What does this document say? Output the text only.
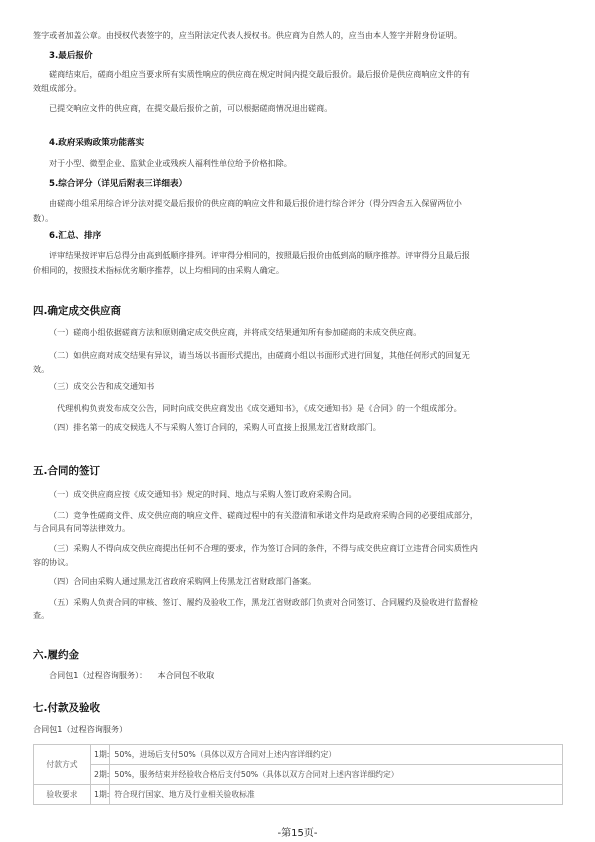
签字或者加盖公章。由授权代表签字的，应当附法定代表人授权书。供应商为自然人的，应当由本人签字并附身份证明。

3.最后报价

磋商结束后，磋商小组应当要求所有实质性响应的供应商在规定时间内提交最后报价。最后报价是供应商响应文件的有

效组成部分。

已提交响应文件的供应商，在提交最后报价之前，可以根据磋商情况退出磋商。

4.政府采购政策功能落实

对于小型、微型企业、监狱企业或残疾人福利性单位给予价格扣除。

5.综合评分（详见后附表三详细表）

由磋商小组采用综合评分法对提交最后报价的供应商的响应文件和最后报价进行综合评分（得分四舍五入保留两位小

数）。

6.汇总、排序

评审结果按评审后总得分由高到低顺序排列。评审得分相同的，按照最后报价由低到高的顺序推荐。评审得分且最后报

价相同的，按照技术指标优劣顺序推荐，以上均相同的由采购人确定。

四.确定成交供应商

（一）磋商小组依据磋商方法和原则确定成交供应商，并将成交结果通知所有参加磋商的未成交供应商。

（二）如供应商对成交结果有异议，请当场以书面形式提出，由磋商小组以书面形式进行回复，其他任何形式的回复无

效。

（三）成交公告和成交通知书

代理机构负责发布成交公告，同时向成交供应商发出《成交通知书》，《成交通知书》是《合同》的一个组成部分。

（四）排名第一的成交候选人不与采购人签订合同的，采购人可直接上报黑龙江省财政部门。

五.合同的签订

（一）成交供应商应按《成交通知书》规定的时间、地点与采购人签订政府采购合同。

（二）竞争性磋商文件、成交供应商的响应文件、磋商过程中的有关澄清和承诺文件均是政府采购合同的必要组成部分，

与合同具有同等法律效力。

（三）采购人不得向成交供应商提出任何不合理的要求，作为签订合同的条件，不得与成交供应商订立违背合同实质性内

容的协议。

（四）合同由采购人通过黑龙江省政府采购网上传黑龙江省财政部门备案。

（五）采购人负责合同的审核、签订、履约及验收工作，黑龙江省财政部门负责对合同签订、合同履约及验收进行监督检

查。

六.履约金

合同包1（过程咨询服务）：    本合同包不收取

七.付款及验收

合同包1（过程咨询服务）

付款方式	1期:	50%，进场后支付50%（具体以双方合同对上述内容详细约定）
	2期:	50%，服务结束并经验收合格后支付50%（具体以双方合同对上述内容详细约定）
验收要求	1期:	符合现行国家、地方及行业相关验收标准
-第15页-
